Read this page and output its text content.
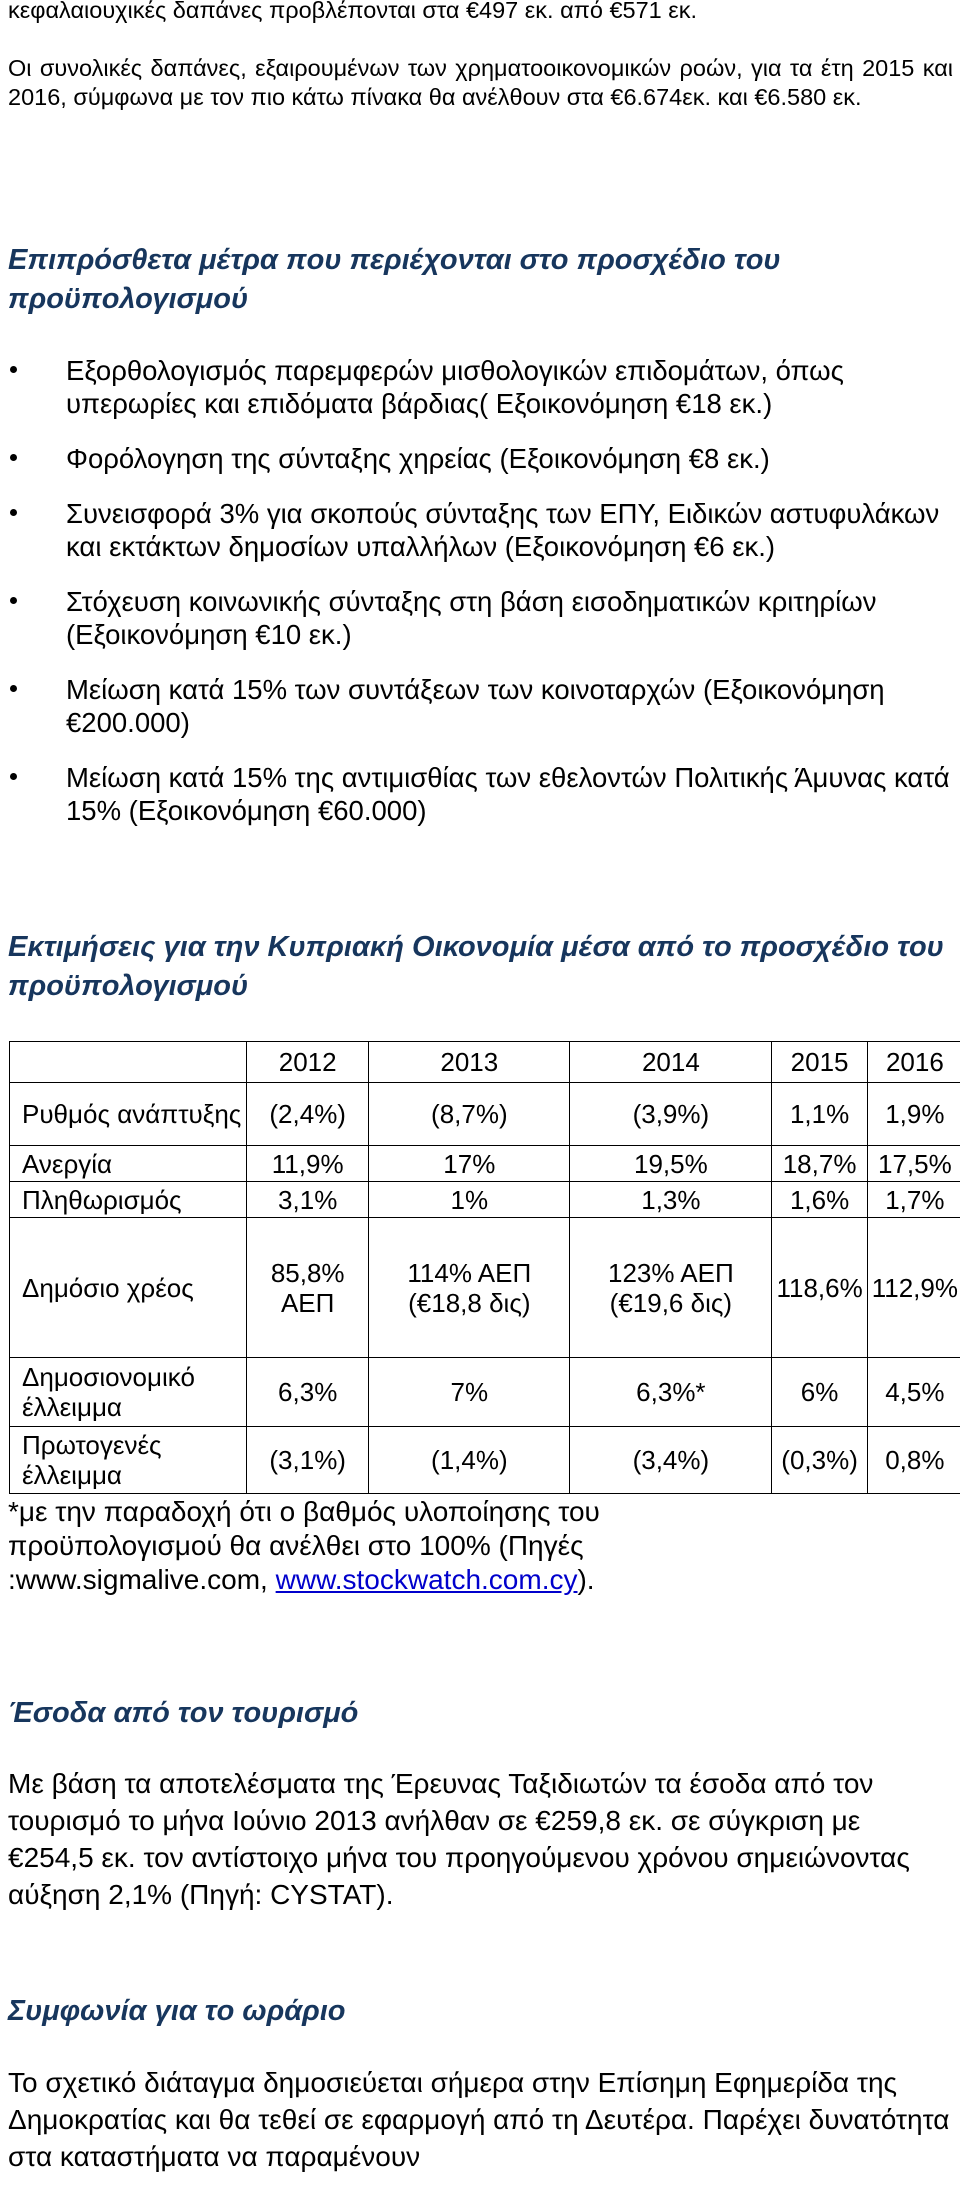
κεφαλαιουχικές δαπάνες προβλέπονται στα €497 εκ. από €571 εκ.

Οι συνολικές δαπάνες, εξαιρουμένων των χρηματοοικονομικών ροών, για τα έτη 2015 και 2016, σύμφωνα με τον πιο κάτω πίνακα θα ανέλθουν στα €6.674εκ. και €6.580 εκ.

Επιπρόσθετα μέτρα που περιέχονται στο προσχέδιο του προϋπολογισμού
Εξορθολογισμός παρεμφερών μισθολογικών επιδομάτων, όπως υπερωρίες και επιδόματα βάρδιας( Εξοικονόμηση €18 εκ.)
Φορόλογηση της σύνταξης χηρείας (Εξοικονόμηση €8 εκ.)
Συνεισφορά 3% για σκοπούς σύνταξης των ΕΠΥ, Ειδικών αστυφυλάκων και εκτάκτων δημοσίων υπαλλήλων (Εξοικονόμηση €6 εκ.)
Στόχευση κοινωνικής σύνταξης στη βάση εισοδηματικών κριτηρίων (Εξοικονόμηση €10 εκ.)
Μείωση κατά 15% των συντάξεων των κοινοταρχών (Εξοικονόμηση €200.000)
Μείωση κατά 15% της αντιμισθίας των εθελοντών Πολιτικής Άμυνας κατά 15% (Εξοικονόμηση €60.000)
Εκτιμήσεις για την Κυπριακή Οικονομία μέσα από το προσχέδιο του προϋπολογισμού
	2012	2013	2014	2015	2016
Ρυθμός ανάπτυξης	(2,4%)	(8,7%)	(3,9%)	1,1%	1,9%
Ανεργία	11,9%	17%	19,5%	18,7%	17,5%
Πληθωρισμός	3,1%	1%	1,3%	1,6%	1,7%
Δημόσιο χρέος	85,8% ΑΕΠ	114% ΑΕΠ (€18,8 δις)	123% ΑΕΠ (€19,6 δις)	118,6%	112,9%
Δημοσιονομικό έλλειμμα	6,3%	7%	6,3%*	6%	4,5%
Πρωτογενές έλλειμμα	(3,1%)	(1,4%)	(3,4%)	(0,3%)	0,8%

*με την παραδοχή ότι ο βαθμός υλοποίησης του προϋπολογισμού θα ανέλθει στο 100% (Πηγές :www.sigmalive.com, www.stockwatch.com.cy).

Έσοδα από τον τουρισμό

Με βάση τα αποτελέσματα της Έρευνας Ταξιδιωτών τα έσοδα από τον τουρισμό το μήνα Ιούνιο 2013 ανήλθαν σε €259,8 εκ. σε σύγκριση με €254,5 εκ. τον αντίστοιχο μήνα του προηγούμενου χρόνου σημειώνοντας αύξηση 2,1% (Πηγή: CYSTAT).

Συμφωνία για το ωράριο

Το σχετικό διάταγμα δημοσιεύεται σήμερα στην Επίσημη Εφημερίδα της Δημοκρατίας και θα τεθεί σε εφαρμογή από τη Δευτέρα. Παρέχει δυνατότητα στα καταστήματα να παραμένουν
